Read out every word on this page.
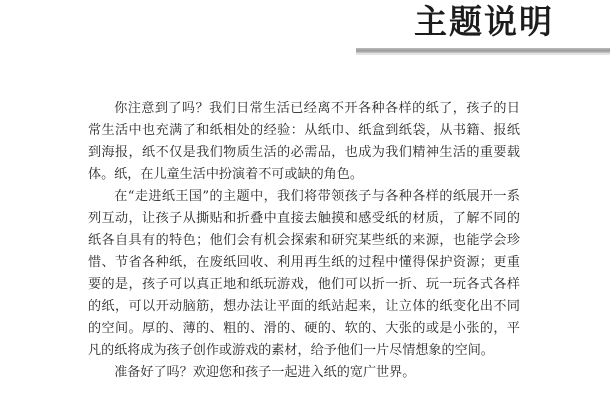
主题说明

你注意到了吗？我们日常生活已经离不开各种各样的纸了，孩子的日常生活中也充满了和纸相处的经验：从纸巾、纸盒到纸袋，从书籍、报纸到海报，纸不仅是我们物质生活的必需品，也成为我们精神生活的重要载体。纸，在儿童生活中扮演着不可或缺的角色。

在“走进纸王国”的主题中，我们将带领孩子与各种各样的纸展开一系列互动，让孩子从撕贴和折叠中直接去触摸和感受纸的材质，了解不同的纸各自具有的特色；他们会有机会探索和研究某些纸的来源，也能学会珍惜、节省各种纸，在废纸回收、利用再生纸的过程中懂得保护资源；更重要的是，孩子可以真正地和纸玩游戏，他们可以折一折、玩一玩各式各样的纸，可以开动脑筋，想办法让平面的纸站起来，让立体的纸变化出不同的空间。厚的、薄的、粗的、滑的、硬的、软的、大张的或是小张的，平凡的纸将成为孩子创作或游戏的素材，给予他们一片尽情想象的空间。

准备好了吗？欢迎您和孩子一起进入纸的宽广世界。
